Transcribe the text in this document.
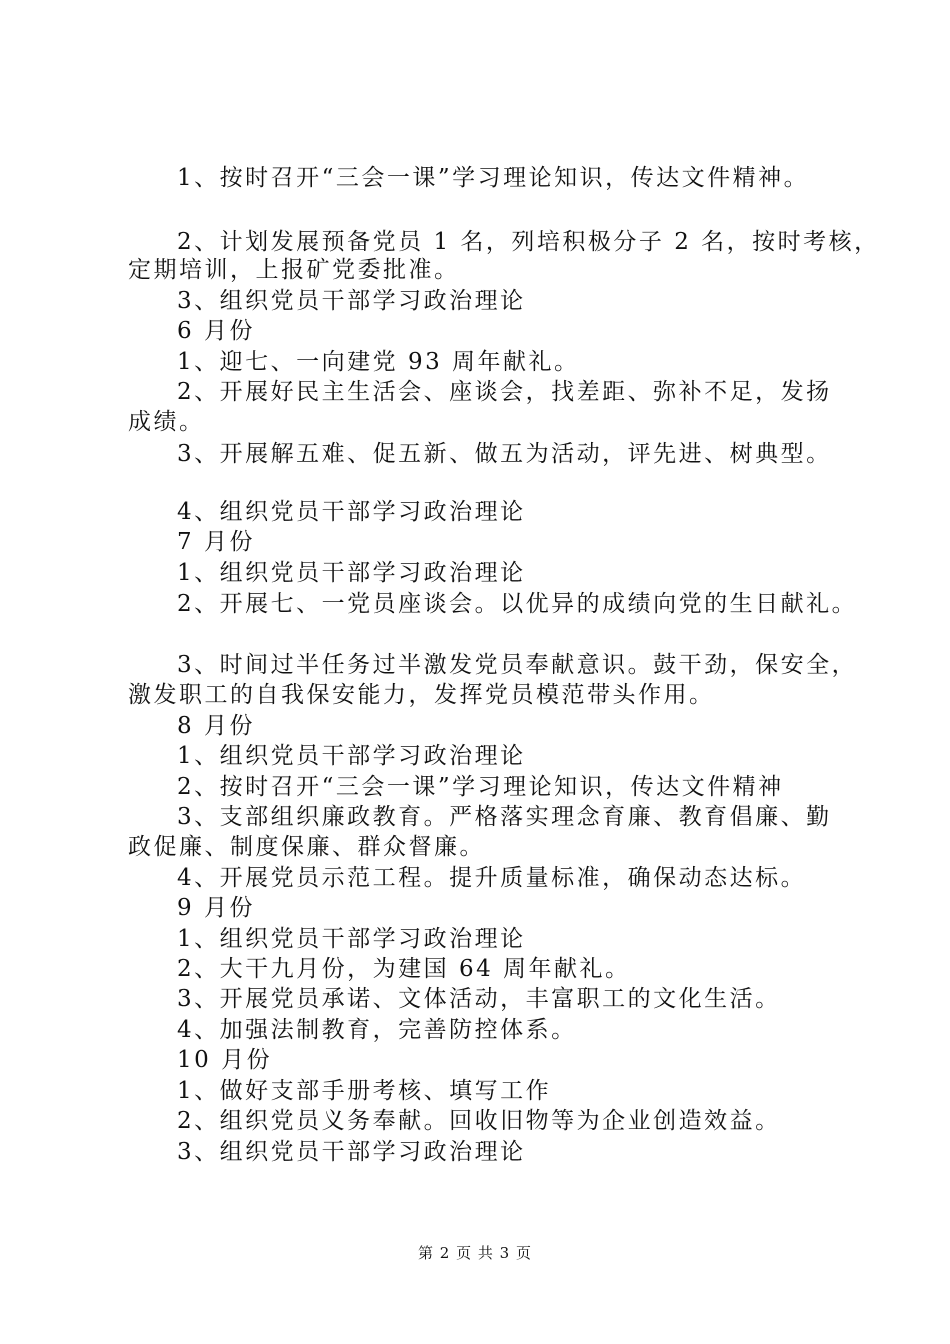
1、按时召开“三会一课”学习理论知识，传达文件精神。
2、计划发展预备党员 1 名，列培积极分子 2 名，按时考核，
定期培训，上报矿党委批准。
3、组织党员干部学习政治理论
6 月份
1、迎七、一向建党 93 周年献礼。
2、开展好民主生活会、座谈会，找差距、弥补不足，发扬
成绩。
3、开展解五难、促五新、做五为活动，评先进、树典型。
4、组织党员干部学习政治理论
7 月份
1、组织党员干部学习政治理论
2、开展七、一党员座谈会。以优异的成绩向党的生日献礼。
3、时间过半任务过半激发党员奉献意识。鼓干劲，保安全，
激发职工的自我保安能力，发挥党员模范带头作用。
8 月份
1、组织党员干部学习政治理论
2、按时召开“三会一课”学习理论知识，传达文件精神
3、支部组织廉政教育。严格落实理念育廉、教育倡廉、勤
政促廉、制度保廉、群众督廉。
4、开展党员示范工程。提升质量标准，确保动态达标。
9 月份
1、组织党员干部学习政治理论
2、大干九月份，为建国 64 周年献礼。
3、开展党员承诺、文体活动，丰富职工的文化生活。
4、加强法制教育，完善防控体系。
10 月份
1、做好支部手册考核、填写工作
2、组织党员义务奉献。回收旧物等为企业创造效益。
3、组织党员干部学习政治理论
第 2 页 共 3 页
